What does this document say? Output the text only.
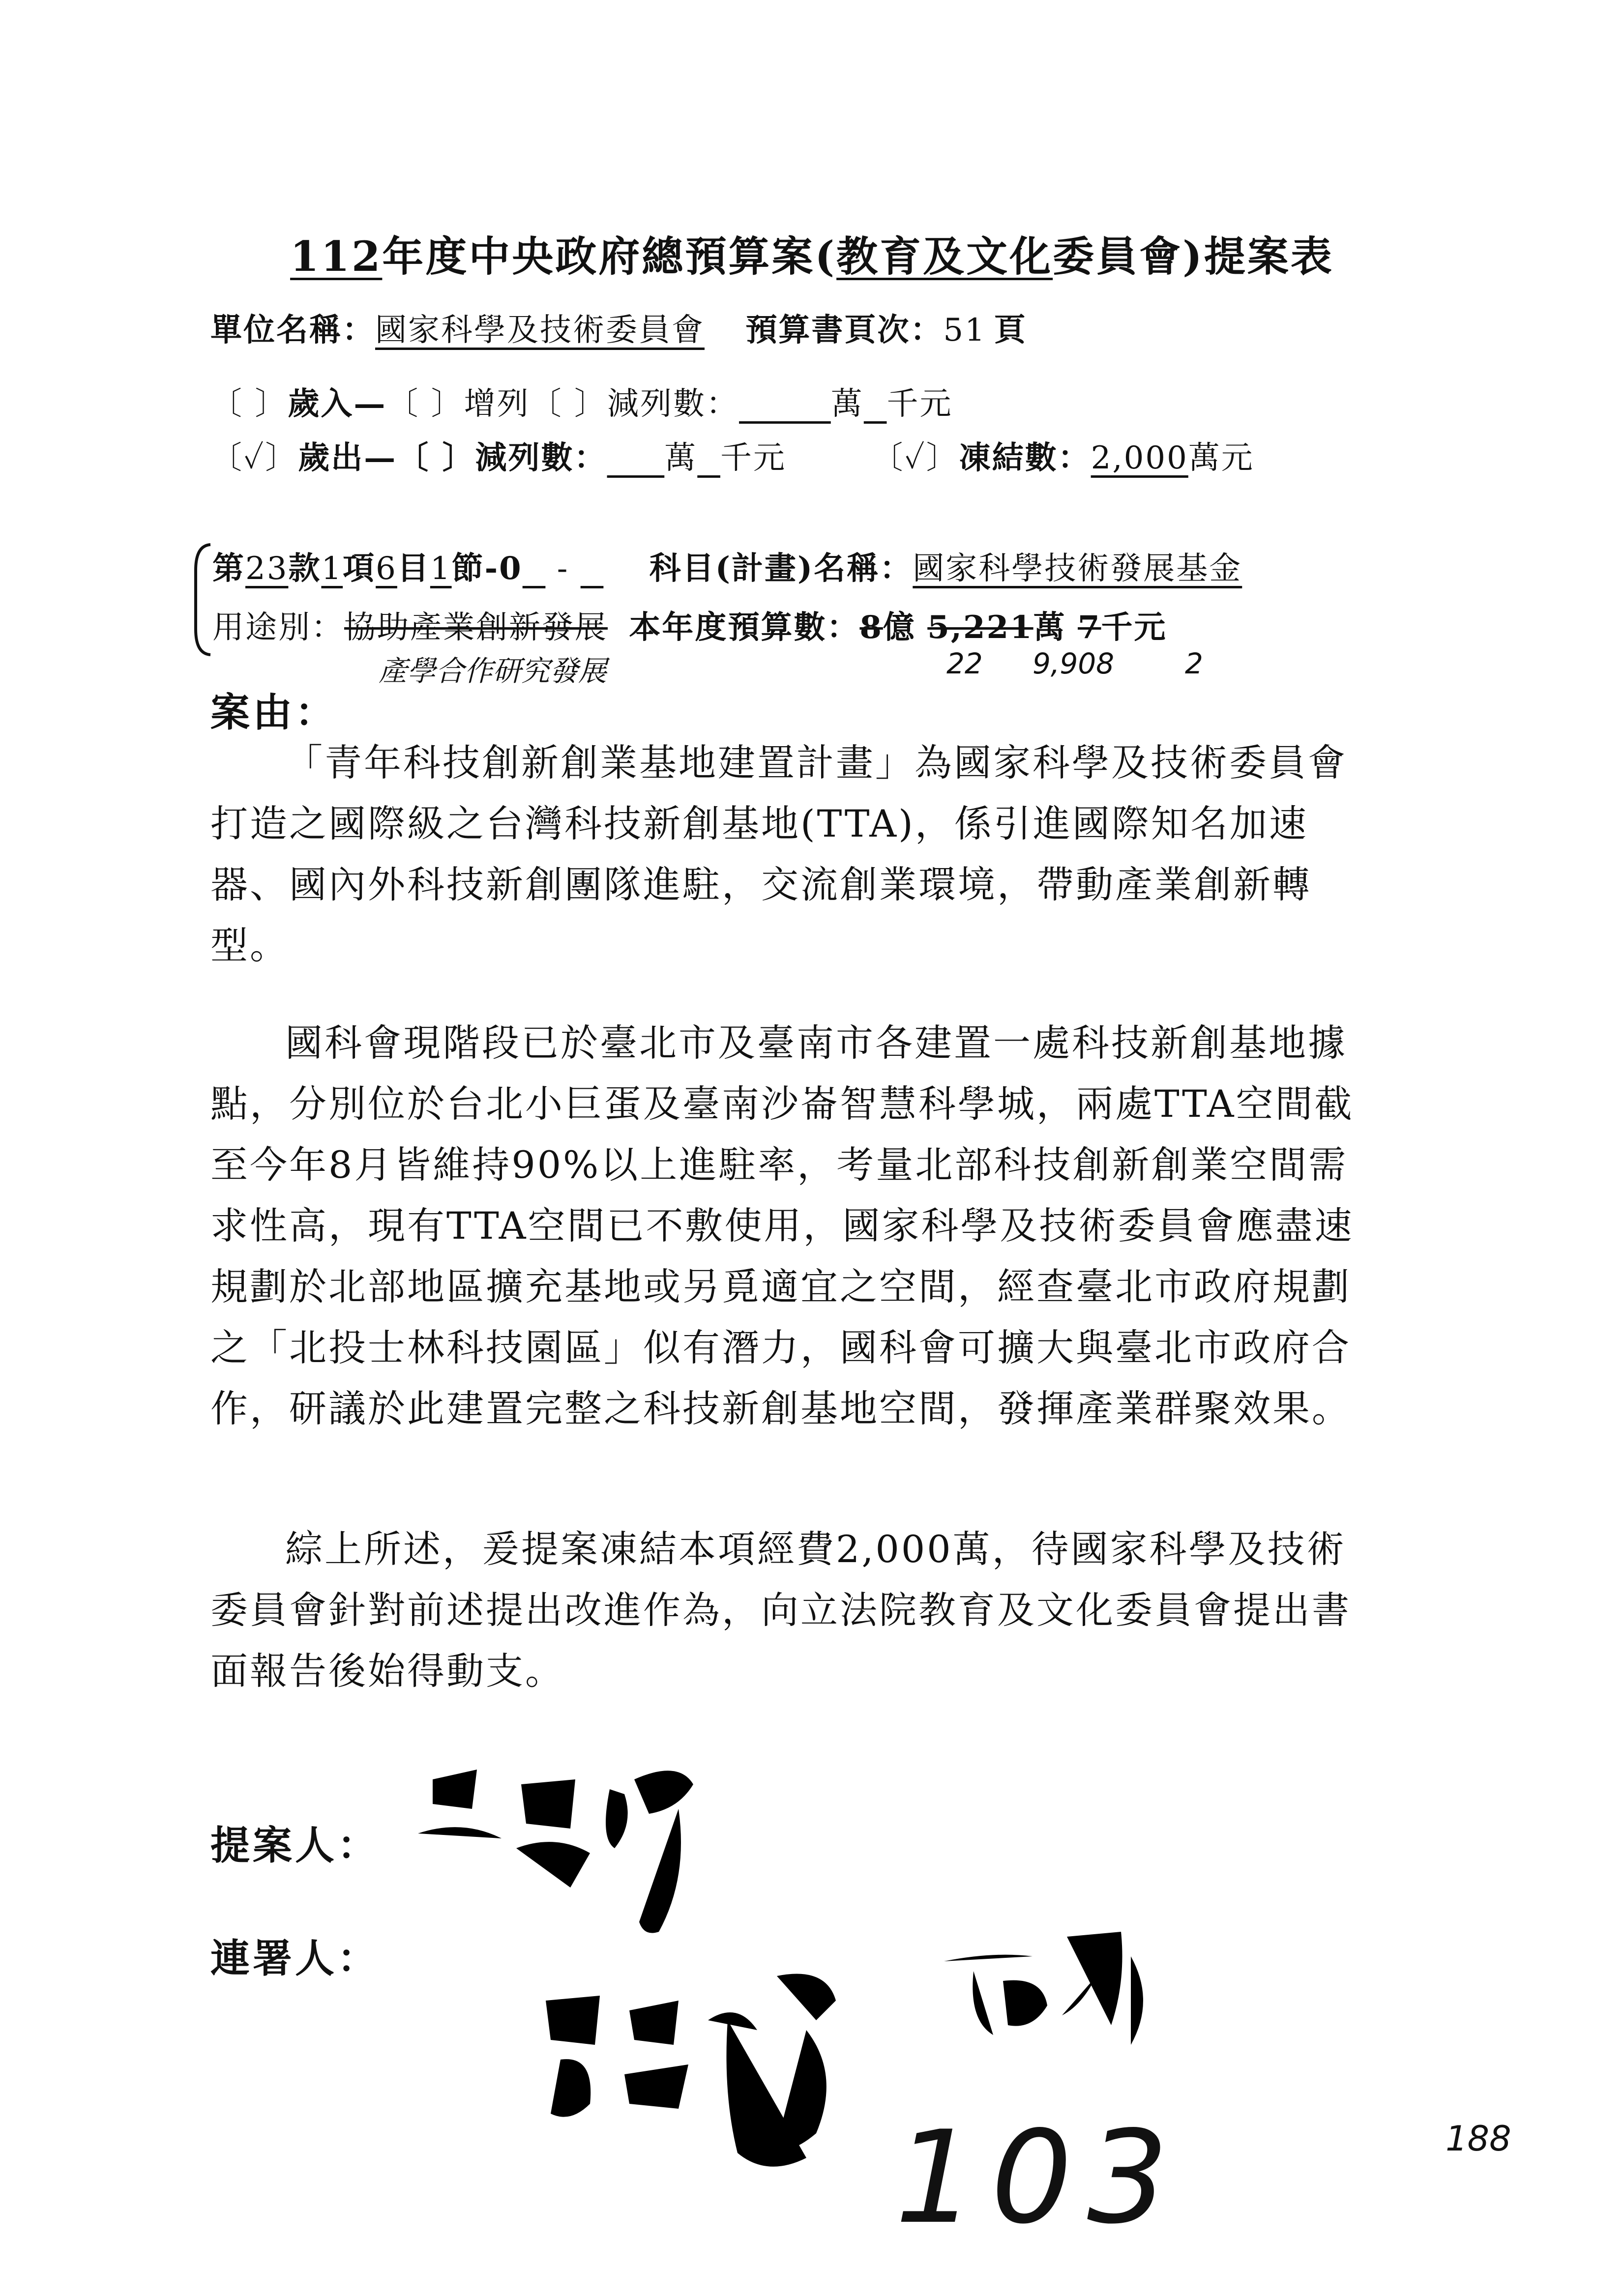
112年度中央政府總預算案(教育及文化委員會)提案表
單位名稱：國家科學及技術委員會 預算書頁次：51 頁
〔 〕歲入—〔 〕增列〔 〕減列數：	萬 千元
〔✓〕歲出—〔 〕減列數： 萬 千元	〔✓〕凍結數：2,000萬元
第23款1項6目1節-0   -    科目(計畫)名稱：國家科學技術發展基金
用途別：協助產業創新發展 本年度預算數：8億 5,221萬 7千元
產學合作研究發展	22 9,908 2
案由：
「青年科技創新創業基地建置計畫」為國家科學及技術委員會打造之國際級之台灣科技新創基地(TTA)，係引進國際知名加速器、國內外科技新創團隊進駐，交流創業環境，帶動產業創新轉型。
國科會現階段已於臺北市及臺南市各建置一處科技新創基地據點，分別位於台北小巨蛋及臺南沙崙智慧科學城，兩處TTA空間截至今年8月皆維持90%以上進駐率，考量北部科技創新創業空間需求性高，現有TTA空間已不敷使用，國家科學及技術委員會應盡速規劃於北部地區擴充基地或另覓適宜之空間，經查臺北市政府規劃之「北投士林科技園區」似有潛力，國科會可擴大與臺北市政府合作，研議於此建置完整之科技新創基地空間，發揮產業群聚效果。
綜上所述，爰提案凍結本項經費2,000萬，待國家科學及技術委員會針對前述提出改進作為，向立法院教育及文化委員會提出書面報告後始得動支。
提案人：
連署人：
103	188
